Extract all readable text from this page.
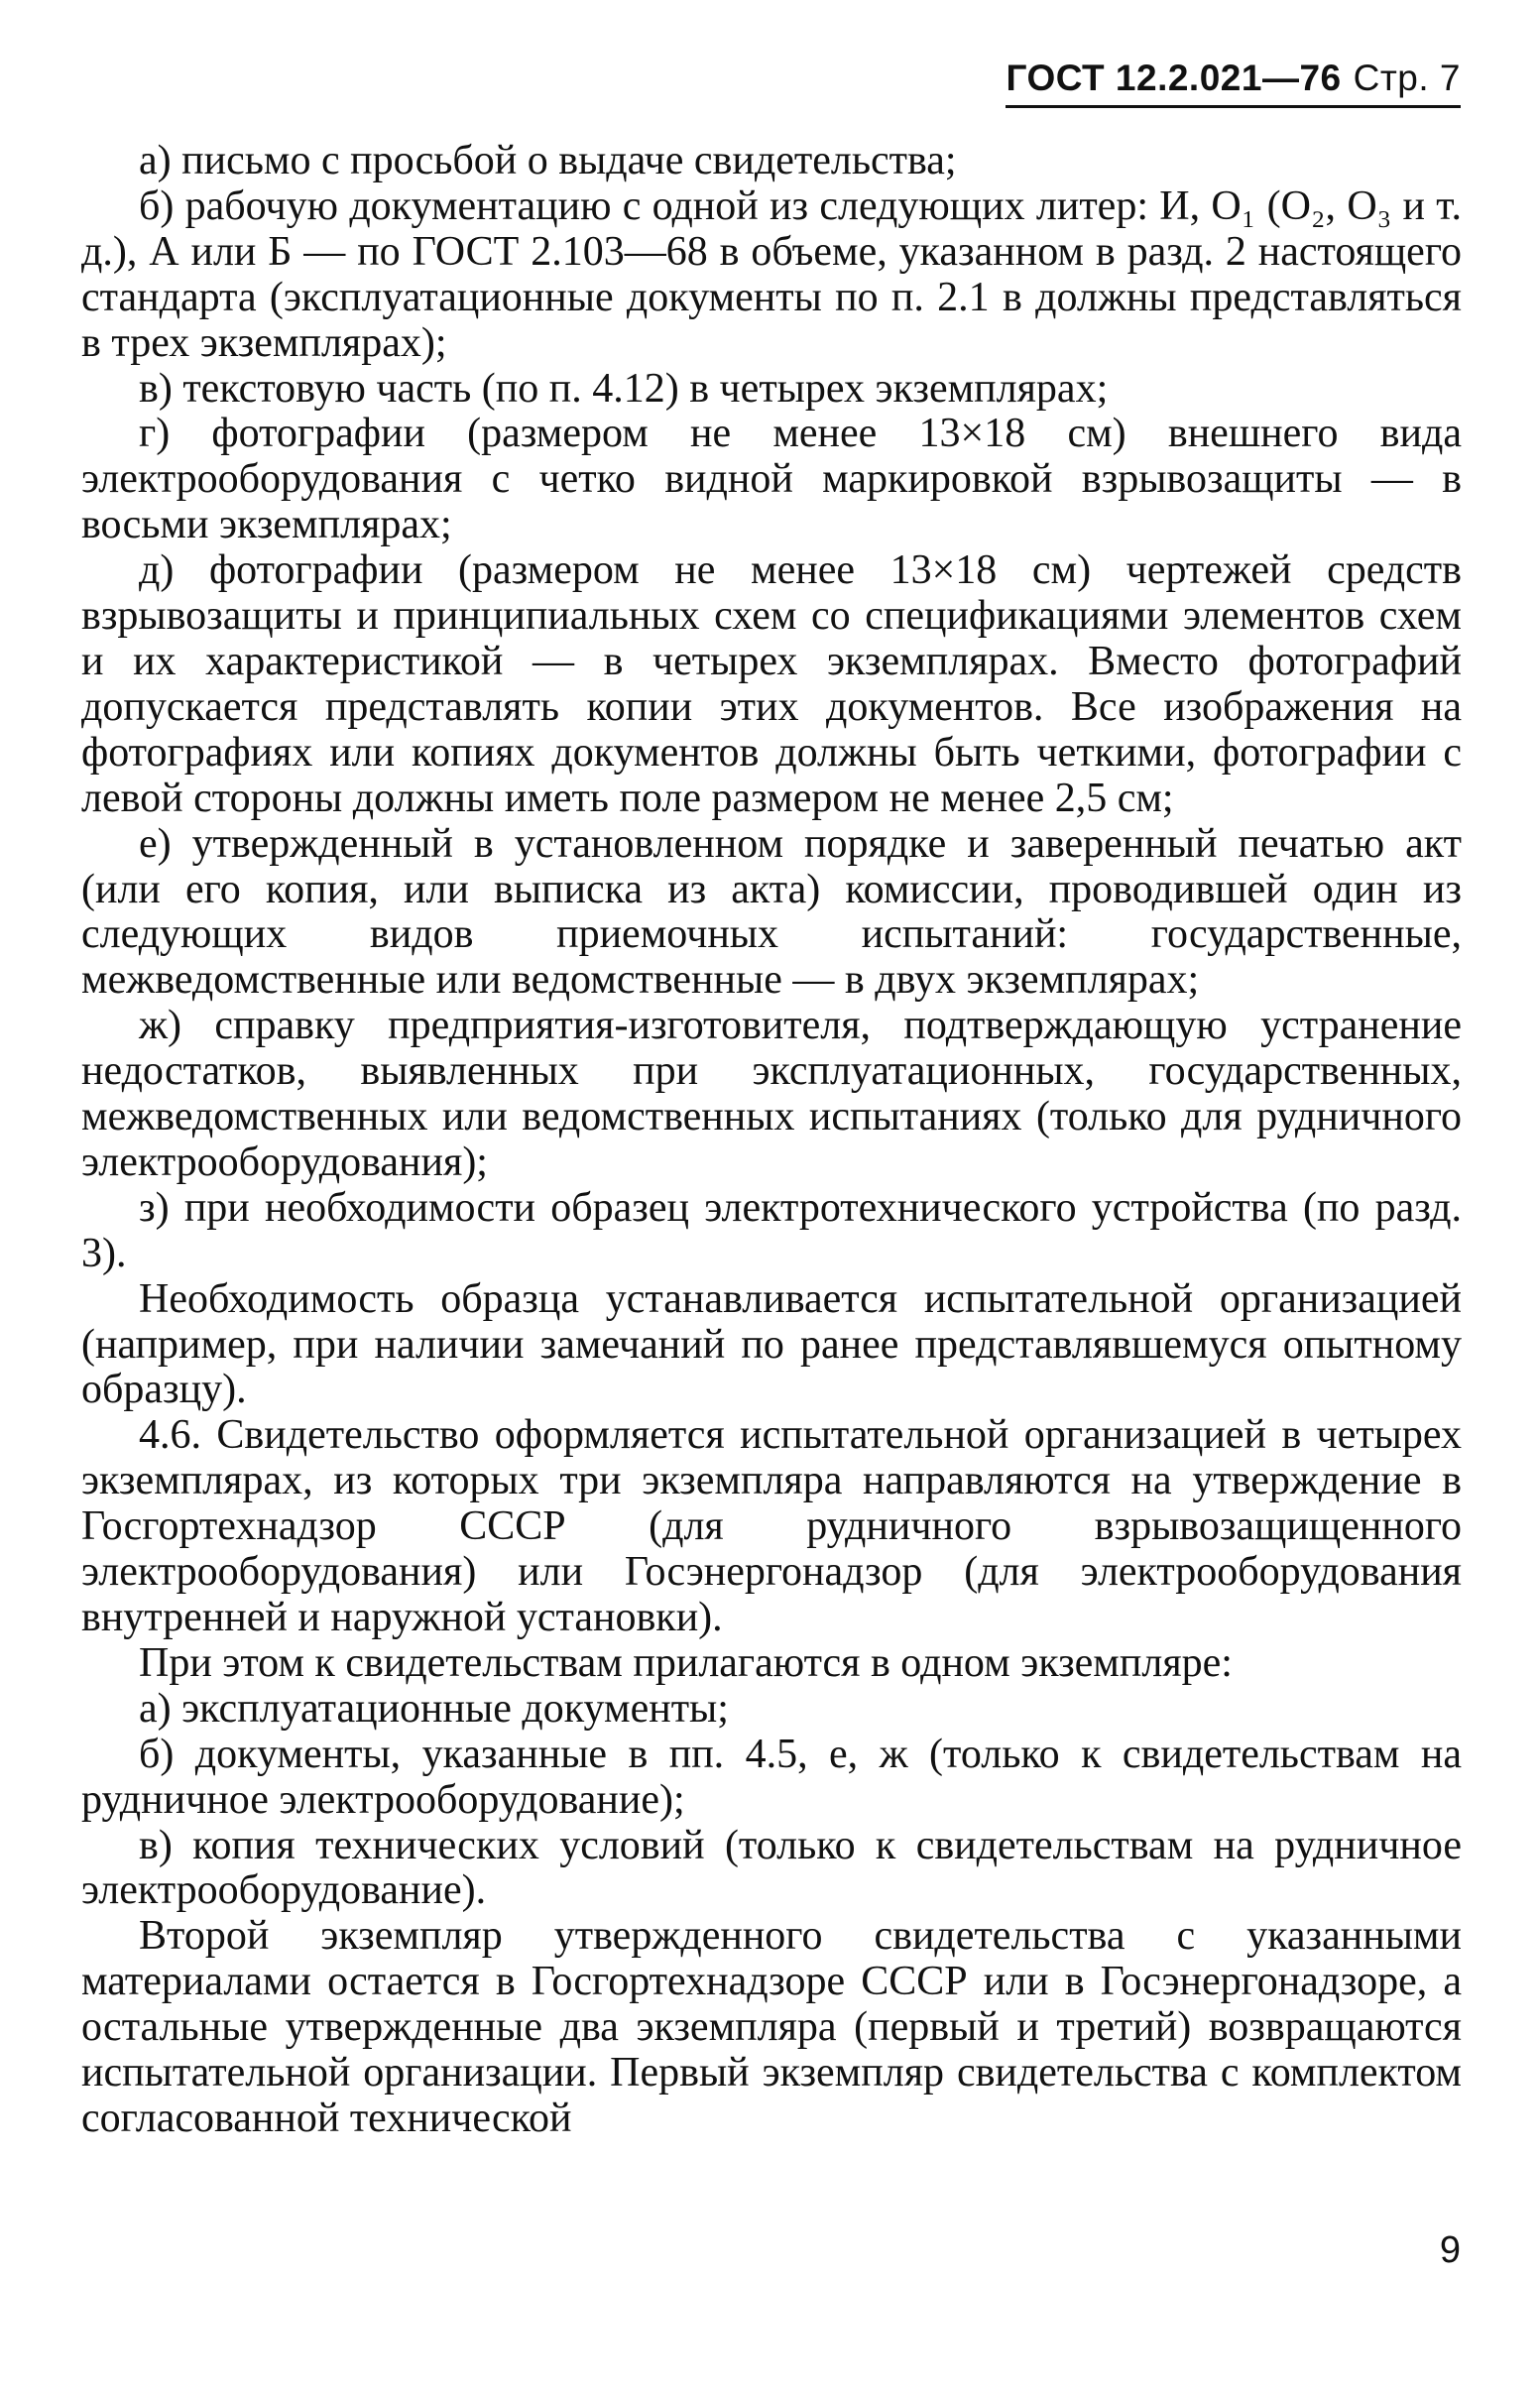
ГОСТ 12.2.021—76 Стр. 7

а) письмо с просьбой о выдаче свидетельства;

б) рабочую документацию с одной из следующих литер: И, О₁ (О₂, О₃ и т. д.), А или Б — по ГОСТ 2.103—68 в объеме, указанном в разд. 2 настоящего стандарта (эксплуатационные документы по п. 2.1 в должны представляться в трех экземплярах);

в) текстовую часть (по п. 4.12) в четырех экземплярах;

г) фотографии (размером не менее 13×18 см) внешнего вида электрооборудования с четко видной маркировкой взрывозащиты — в восьми экземплярах;

д) фотографии (размером не менее 13×18 см) чертежей средств взрывозащиты и принципиальных схем со спецификациями элементов схем и их характеристикой — в четырех экземплярах. Вместо фотографий допускается представлять копии этих документов. Все изображения на фотографиях или копиях документов должны быть четкими, фотографии с левой стороны должны иметь поле размером не менее 2,5 см;

е) утвержденный в установленном порядке и заверенный печатью акт (или его копия, или выписка из акта) комиссии, проводившей один из следующих видов приемочных испытаний: государственные, межведомственные или ведомственные — в двух экземплярах;

ж) справку предприятия-изготовителя, подтверждающую устранение недостатков, выявленных при эксплуатационных, государственных, межведомственных или ведомственных испытаниях (только для рудничного электрооборудования);

з) при необходимости образец электротехнического устройства (по разд. 3).

Необходимость образца устанавливается испытательной организацией (например, при наличии замечаний по ранее представлявшемуся опытному образцу).

4.6. Свидетельство оформляется испытательной организацией в четырех экземплярах, из которых три экземпляра направляются на утверждение в Госгортехнадзор СССР (для рудничного взрывозащищенного электрооборудования) или Госэнергонадзор (для электрооборудования внутренней и наружной установки).

При этом к свидетельствам прилагаются в одном экземпляре:

а) эксплуатационные документы;

б) документы, указанные в пп. 4.5, е, ж (только к свидетельствам на рудничное электрооборудование);

в) копия технических условий (только к свидетельствам на рудничное электрооборудование).

Второй экземпляр утвержденного свидетельства с указанными материалами остается в Госгортехнадзоре СССР или в Госэнергонадзоре, а остальные утвержденные два экземпляра (первый и третий) возвращаются испытательной организации. Первый экземпляр свидетельства с комплектом согласованной технической

9
